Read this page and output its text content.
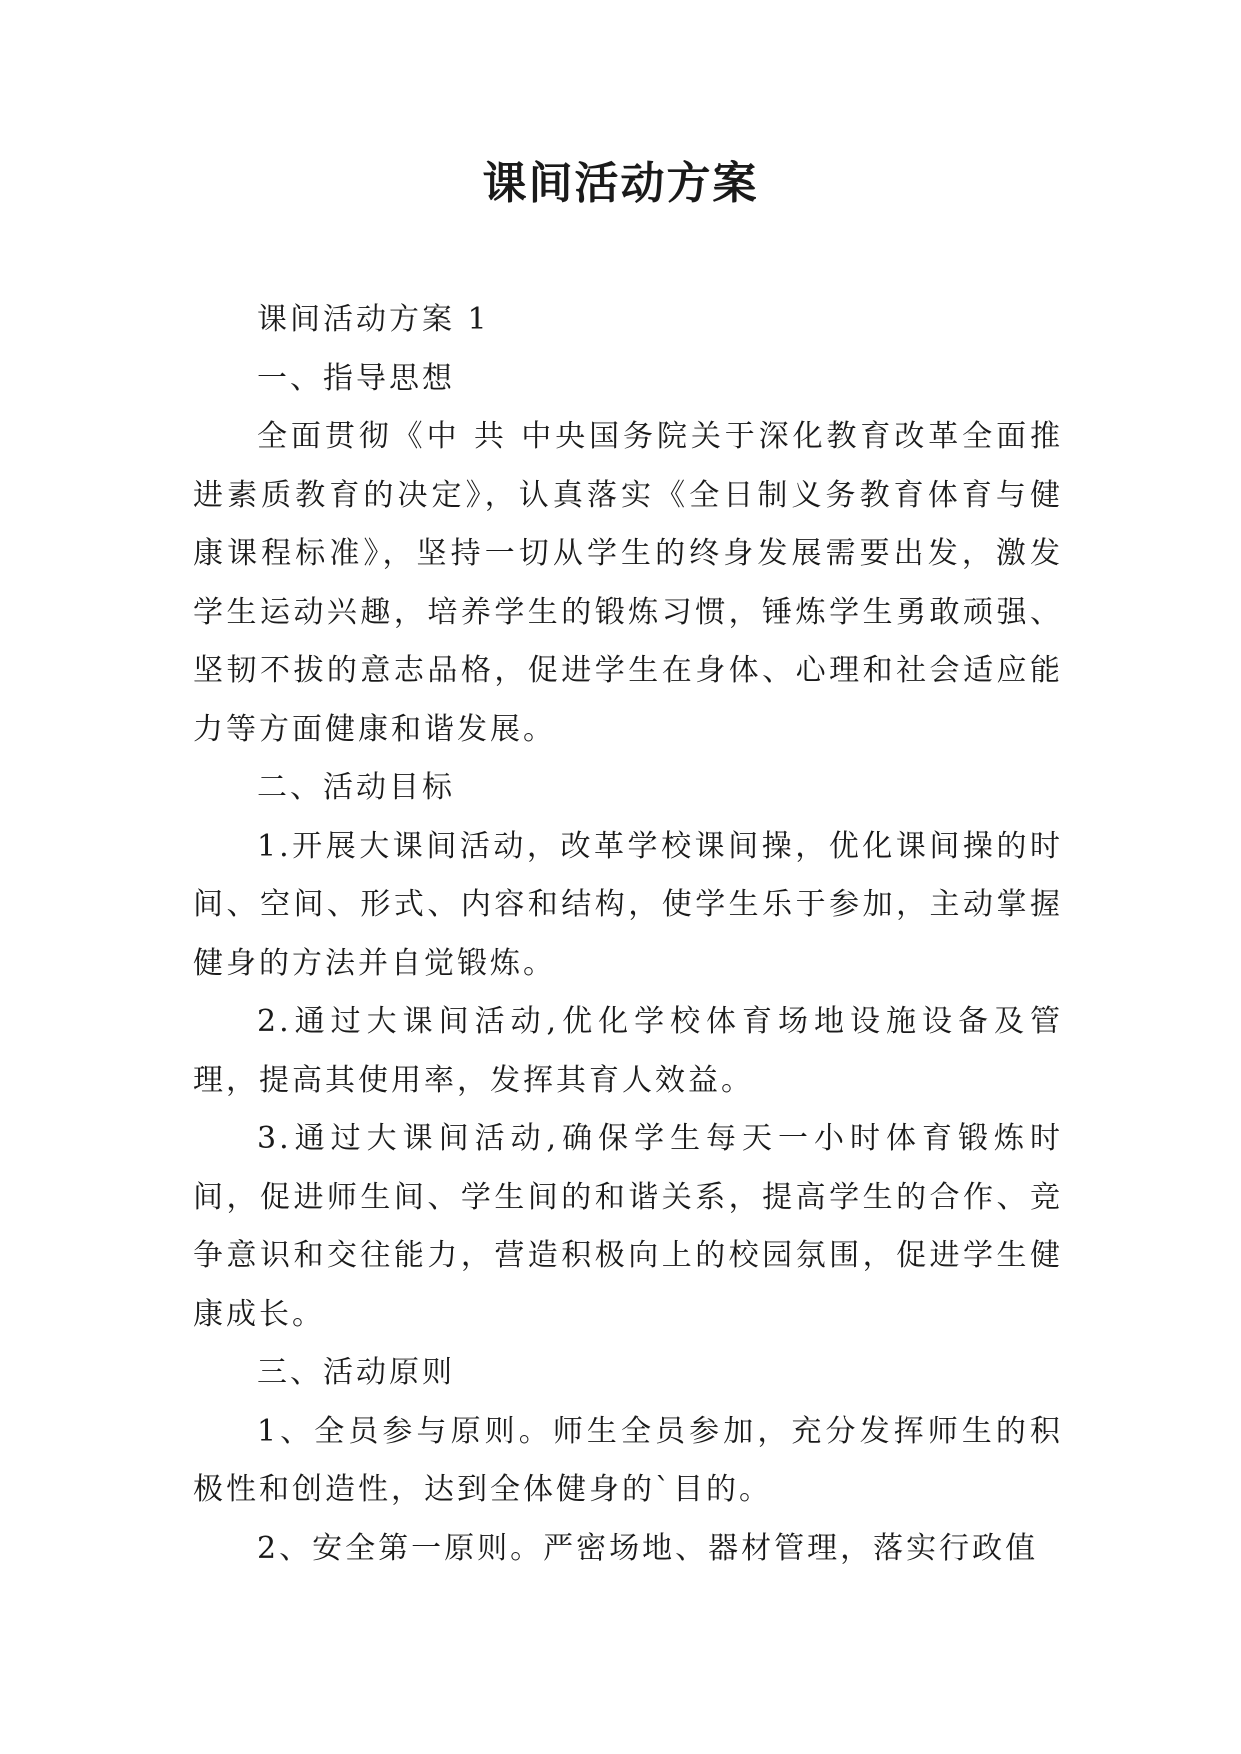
课间活动方案

课间活动方案 1

一、指导思想

全面贯彻《中 共 中央国务院关于深化教育改革全面推进素质教育的决定》，认真落实《全日制义务教育体育与健康课程标准》，坚持一切从学生的终身发展需要出发，激发学生运动兴趣，培养学生的锻炼习惯，锤炼学生勇敢顽强、坚韧不拔的意志品格，促进学生在身体、心理和社会适应能力等方面健康和谐发展。

二、活动目标

1.开展大课间活动，改革学校课间操，优化课间操的时间、空间、形式、内容和结构，使学生乐于参加，主动掌握健身的方法并自觉锻炼。

2.通过大课间活动,优化学校体育场地设施设备及管理，提高其使用率，发挥其育人效益。

3.通过大课间活动,确保学生每天一小时体育锻炼时间，促进师生间、学生间的和谐关系，提高学生的合作、竞争意识和交往能力，营造积极向上的校园氛围，促进学生健康成长。

三、活动原则

1、全员参与原则。师生全员参加，充分发挥师生的积极性和创造性，达到全体健身的`目的。

2、安全第一原则。严密场地、器材管理，落实行政值
